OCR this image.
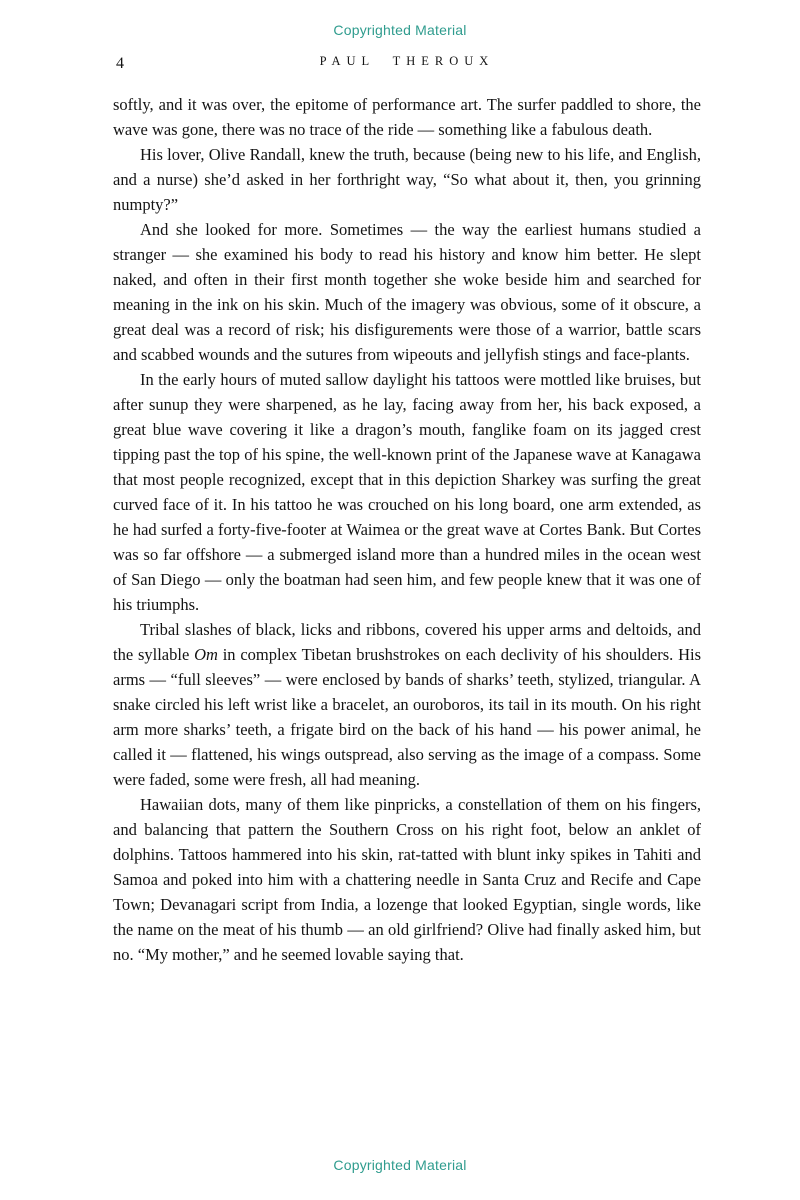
Copyrighted Material
4	PAUL THEROUX

softly, and it was over, the epitome of performance art. The surfer paddled to shore, the wave was gone, there was no trace of the ride — something like a fabulous death.

His lover, Olive Randall, knew the truth, because (being new to his life, and English, and a nurse) she’d asked in her forthright way, “So what about it, then, you grinning numpty?”

And she looked for more. Sometimes — the way the earliest humans studied a stranger — she examined his body to read his history and know him better. He slept naked, and often in their first month together she woke beside him and searched for meaning in the ink on his skin. Much of the imagery was obvious, some of it obscure, a great deal was a record of risk; his disfigurements were those of a warrior, battle scars and scabbed wounds and the sutures from wipeouts and jellyfish stings and face-plants.

In the early hours of muted sallow daylight his tattoos were mottled like bruises, but after sunup they were sharpened, as he lay, facing away from her, his back exposed, a great blue wave covering it like a dragon’s mouth, fanglike foam on its jagged crest tipping past the top of his spine, the well-known print of the Japanese wave at Kanagawa that most people recognized, except that in this depiction Sharkey was surfing the great curved face of it. In his tattoo he was crouched on his long board, one arm extended, as he had surfed a forty-five-footer at Waimea or the great wave at Cortes Bank. But Cortes was so far offshore — a submerged island more than a hundred miles in the ocean west of San Diego — only the boatman had seen him, and few people knew that it was one of his triumphs.

Tribal slashes of black, licks and ribbons, covered his upper arms and deltoids, and the syllable Om in complex Tibetan brushstrokes on each declivity of his shoulders. His arms — “full sleeves” — were enclosed by bands of sharks’ teeth, stylized, triangular. A snake circled his left wrist like a bracelet, an ouroboros, its tail in its mouth. On his right arm more sharks’ teeth, a frigate bird on the back of his hand — his power animal, he called it — flattened, his wings outspread, also serving as the image of a compass. Some were faded, some were fresh, all had meaning.

Hawaiian dots, many of them like pinpricks, a constellation of them on his fingers, and balancing that pattern the Southern Cross on his right foot, below an anklet of dolphins. Tattoos hammered into his skin, rat-tatted with blunt inky spikes in Tahiti and Samoa and poked into him with a chattering needle in Santa Cruz and Recife and Cape Town; Devanagari script from India, a lozenge that looked Egyptian, single words, like the name on the meat of his thumb — an old girlfriend? Olive had finally asked him, but no. “My mother,” and he seemed lovable saying that.

Copyrighted Material
